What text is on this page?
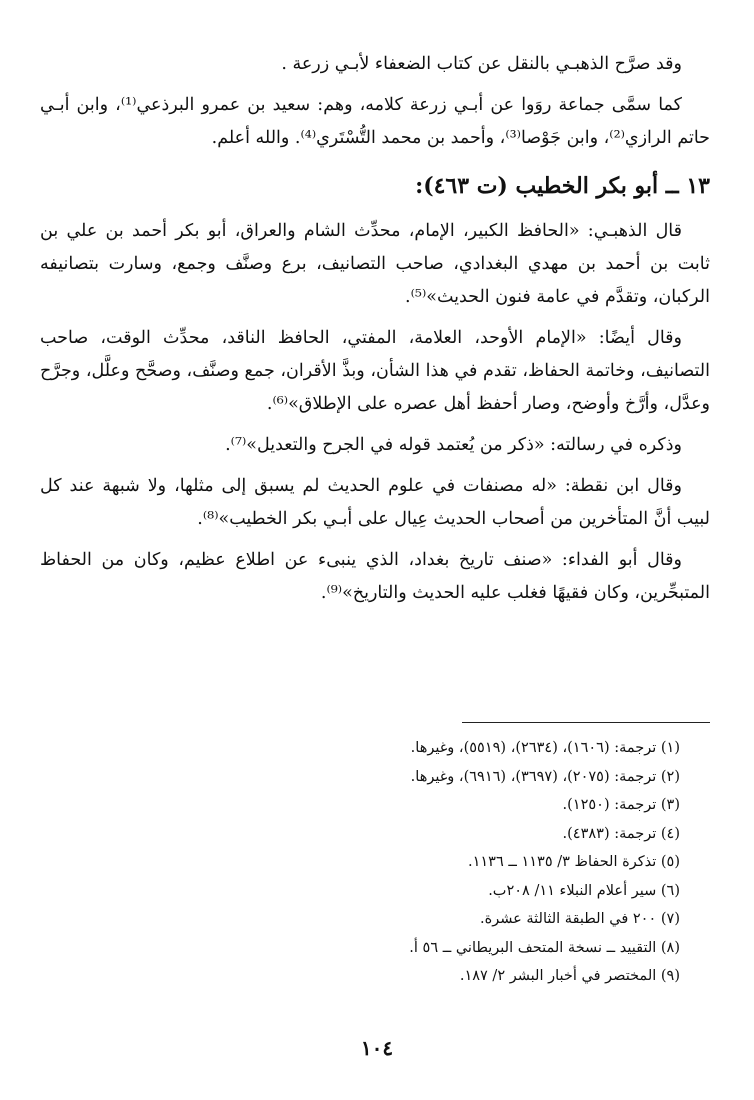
وقد صرَّح الذهبـي بالنقل عن كتاب الضعفاء لأبـي زرعة .

كما سمَّى جماعة روَوا عن أبـي زرعة كلامه، وهم: سعيد بن عمرو البرذعي⁽¹⁾، وابن أبـي حاتم الرازي⁽²⁾، وابن جَوْصا⁽³⁾، وأحمد بن محمد التُّسْتَري⁽⁴⁾. والله أعلم.

١٣ ــ أبو بكر الخطيب (ت ٤٦٣):

قال الذهبـي: «الحافظ الكبير، الإمام، محدِّث الشام والعراق، أبو بكر أحمد بن علي بن ثابت بن أحمد بن مهدي البغدادي، صاحب التصانيف، برع وصنَّف وجمع، وسارت بتصانيفه الركبان، وتقدَّم في عامة فنون الحديث»⁽⁵⁾.

وقال أيضًا: «الإمام الأوحد، العلامة، المفتي، الحافظ الناقد، محدِّث الوقت، صاحب التصانيف، وخاتمة الحفاظ، تقدم في هذا الشأن، وبذَّ الأقران، جمع وصنَّف، وصحَّح وعلَّل، وجرَّح وعدَّل، وأرَّخ وأوضح، وصار أحفظ أهل عصره على الإطلاق»⁽⁶⁾.

وذكره في رسالته: «ذكر من يُعتمد قوله في الجرح والتعديل»⁽⁷⁾.

وقال ابن نقطة: «له مصنفات في علوم الحديث لم يسبق إلى مثلها، ولا شبهة عند كل لبيب أنَّ المتأخرين من أصحاب الحديث عِيال على أبـي بكر الخطيب»⁽⁸⁾.

وقال أبو الفداء: «صنف تاريخ بغداد، الذي ينبىء عن اطلاع عظيم، وكان من الحفاظ المتبحِّرين، وكان فقيهًا فغلب عليه الحديث والتاريخ»⁽⁹⁾.

(١) ترجمة: (١٦٠٦)، (٢٦٣٤)، (٥٥١٩)، وغيرها.
(٢) ترجمة: (٢٠٧٥)، (٣٦٩٧)، (٦٩١٦)، وغيرها.
(٣) ترجمة: (١٢٥٠).
(٤) ترجمة: (٤٣٨٣).
(٥) تذكرة الحفاظ ٣/ ١١٣٥ ــ ١١٣٦.
(٦) سير أعلام النبلاء ١١/ ٢٠٨ب.
(٧) ٢٠٠ في الطبقة الثالثة عشرة.
(٨) التقييد ــ نسخة المتحف البريطاني ــ ٥٦ أ.
(٩) المختصر في أخبار البشر ٢/ ١٨٧.
١٠٤
